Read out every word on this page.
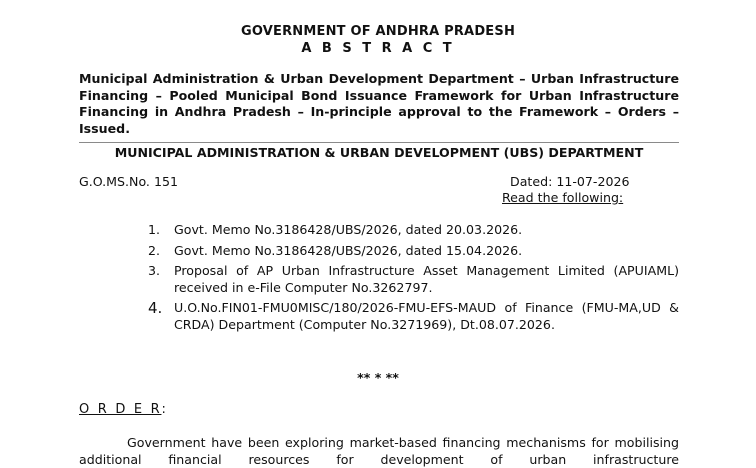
GOVERNMENT OF ANDHRA PRADESH
A B S T R A C T
Municipal Administration & Urban Development Department – Urban Infrastructure Financing – Pooled Municipal Bond Issuance Framework for Urban Infrastructure Financing in Andhra Pradesh – In-principle approval to the Framework – Orders – Issued.
MUNICIPAL ADMINISTRATION & URBAN DEVELOPMENT (UBS) DEPARTMENT
G.O.MS.No. 151	Dated: 11-07-2026
Read the following:
1.	Govt. Memo No.3186428/UBS/2026, dated 20.03.2026.
2.	Govt. Memo No.3186428/UBS/2026, dated 15.04.2026.
3.	Proposal of AP Urban Infrastructure Asset Management Limited (APUIAML) received in e-File Computer No.3262797.
4. U.O.No.FIN01-FMU0MISC/180/2026-FMU-EFS-MAUD of Finance (FMU-MA,UD & CRDA) Department (Computer No.3271969), Dt.08.07.2026.
** * **
O R D E R:
Government have been exploring market-based financing mechanisms for mobilising additional financial resources for development of urban infrastructure
